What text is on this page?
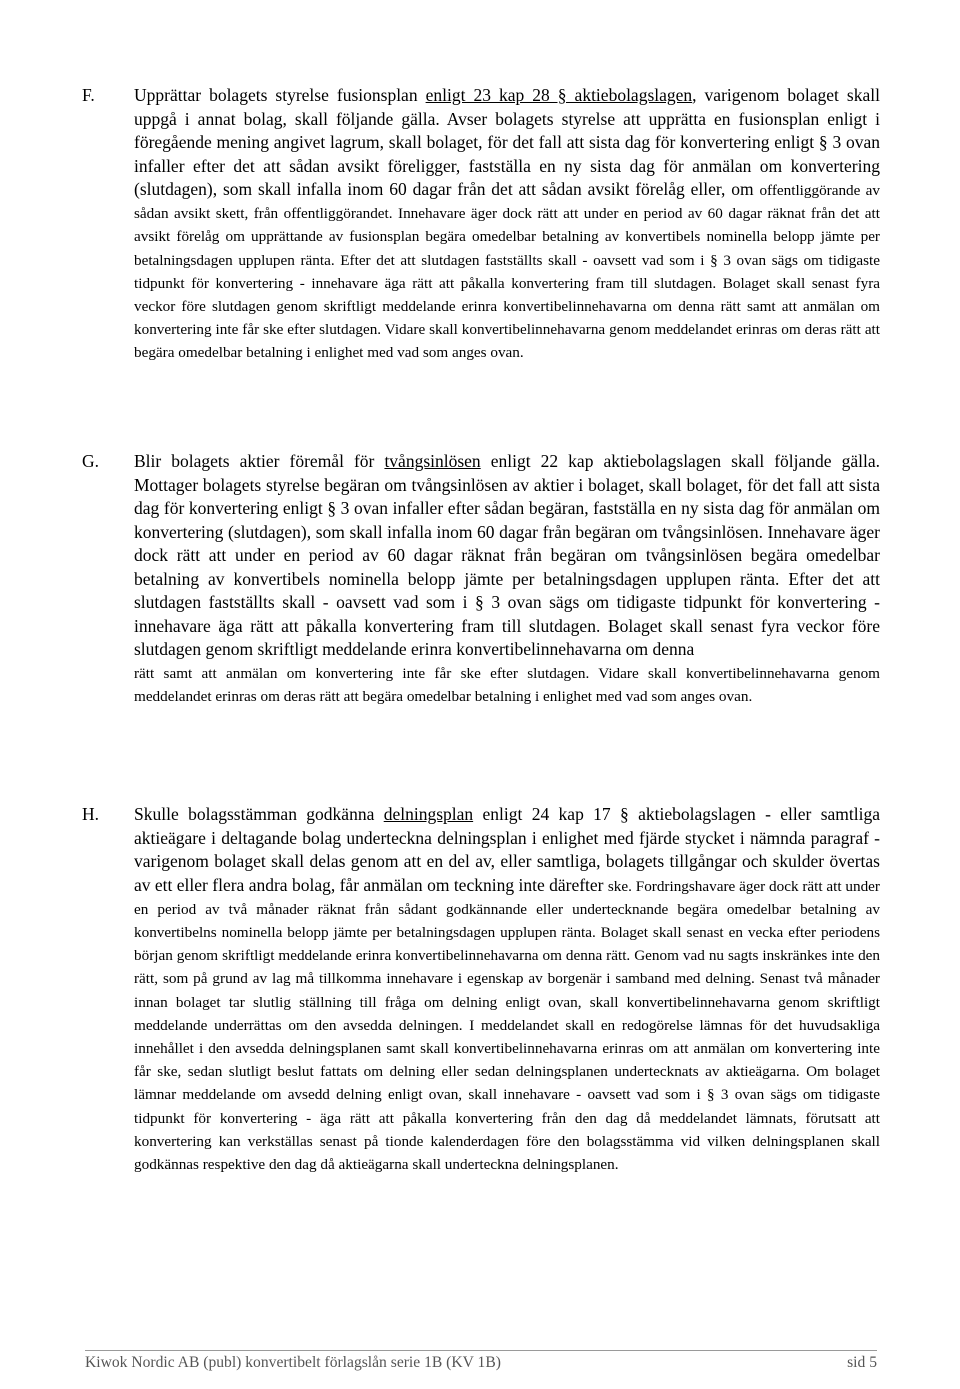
F. Upprättar bolagets styrelse fusionsplan enligt 23 kap 28 § aktiebolagslagen, varigenom bolaget skall uppgå i annat bolag, skall följande gälla. Avser bolagets styrelse att upprätta en fusionsplan enligt i föregående mening angivet lagrum, skall bolaget, för det fall att sista dag för konvertering enligt § 3 ovan infaller efter det att sådan avsikt föreligger, fastställa en ny sista dag för anmälan om konvertering (slutdagen), som skall infalla inom 60 dagar från det att sådan avsikt förelåg eller, om offentliggörande av sådan avsikt skett, från offentliggörandet. Innehavare äger dock rätt att under en period av 60 dagar räknat från det att avsikt förelåg om upprättande av fusionsplan begära omedelbar betalning av konvertibels nominella belopp jämte per betalningsdagen upplupen ränta. Efter det att slutdagen fastställts skall - oavsett vad som i § 3 ovan sägs om tidigaste tidpunkt för konvertering - innehavare äga rätt att påkalla konvertering fram till slutdagen. Bolaget skall senast fyra veckor före slutdagen genom skriftligt meddelande erinra konvertibelinnehavarna om denna rätt samt att anmälan om konvertering inte får ske efter slutdagen. Vidare skall konvertibelinnehavarna genom meddelandet erinras om deras rätt att begära omedelbar betalning i enlighet med vad som anges ovan.

G. Blir bolagets aktier föremål för tvångsinlösen enligt 22 kap aktiebolagslagen skall följande gälla. Mottager bolagets styrelse begäran om tvångsinlösen av aktier i bolaget, skall bolaget, för det fall att sista dag för konvertering enligt § 3 ovan infaller efter sådan begäran, fastställa en ny sista dag för anmälan om konvertering (slutdagen), som skall infalla inom 60 dagar från begäran om tvångsinlösen. Innehavare äger dock rätt att under en period av 60 dagar räknat från begäran om tvångsinlösen begära omedelbar betalning av konvertibels nominella belopp jämte per betalningsdagen upplupen ränta. Efter det att slutdagen fastställts skall - oavsett vad som i § 3 ovan sägs om tidigaste tidpunkt för konvertering - innehavare äga rätt att påkalla konvertering fram till slutdagen. Bolaget skall senast fyra veckor före slutdagen genom skriftligt meddelande erinra konvertibelinnehavarna om denna

rätt samt att anmälan om konvertering inte får ske efter slutdagen. Vidare skall konvertibelinnehavarna genom meddelandet erinras om deras rätt att begära omedelbar betalning i enlighet med vad som anges ovan.

H. Skulle bolagsstämman godkänna delningsplan enligt 24 kap 17 § aktiebolagslagen - eller samtliga aktieägare i deltagande bolag underteckna delningsplan i enlighet med fjärde stycket i nämnda paragraf - varigenom bolaget skall delas genom att en del av, eller samtliga, bolagets tillgångar och skulder övertas av ett eller flera andra bolag, får anmälan om teckning inte därefter ske. Fordringshavare äger dock rätt att under en period av två månader räknat från sådant godkännande eller undertecknande begära omedelbar betalning av konvertibelns nominella belopp jämte per betalningsdagen upplupen ränta. Bolaget skall senast en vecka efter periodens början genom skriftligt meddelande erinra konvertibelinnehavarna om denna rätt. Genom vad nu sagts inskränkes inte den rätt, som på grund av lag må tillkomma innehavare i egenskap av borgenär i samband med delning. Senast två månader innan bolaget tar slutlig ställning till fråga om delning enligt ovan, skall konvertibelinnehavarna genom skriftligt meddelande underrättas om den avsedda delningen. I meddelandet skall en redogörelse lämnas för det huvudsakliga innehållet i den avsedda delningsplanen samt skall konvertibelinnehavarna erinras om att anmälan om konvertering inte får ske, sedan slutligt beslut fattats om delning eller sedan delningsplanen undertecknats av aktieägarna. Om bolaget lämnar meddelande om avsedd delning enligt ovan, skall innehavare - oavsett vad som i § 3 ovan sägs om tidigaste tidpunkt för konvertering - äga rätt att påkalla konvertering från den dag då meddelandet lämnats, förutsatt att konvertering kan verkställas senast på tionde kalenderdagen före den bolagsstämma vid vilken delningsplanen skall godkännas respektive den dag då aktieägarna skall underteckna delningsplanen.

Kiwok Nordic AB (publ) konvertibelt förlagslån serie 1B (KV 1B)	sid 5
